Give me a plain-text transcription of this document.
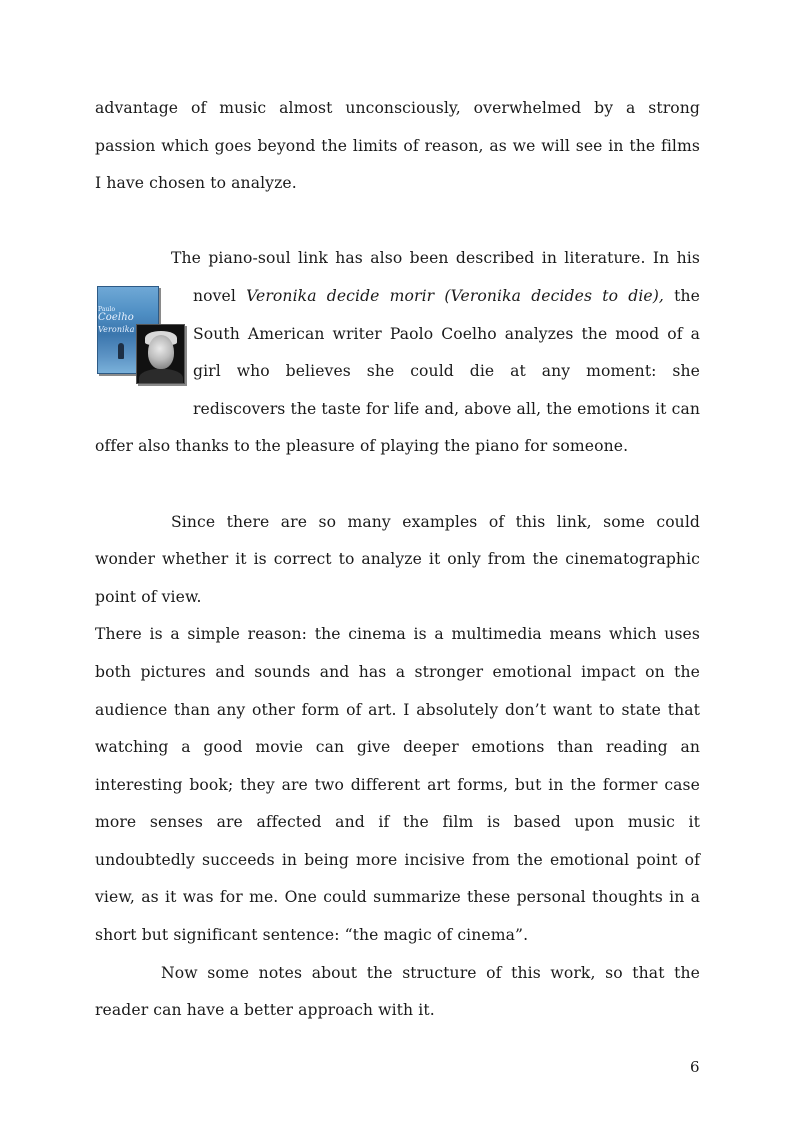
advantage of music almost unconsciously, overwhelmed by a strong passion which goes beyond the limits of reason, as we will see in the films I have chosen to analyze.

The piano-soul link has also been described in literature. In his

Paulo
Coelho
Veronika
novel Veronika decide morir (Veronika decides to die), the South American writer Paolo Coelho analyzes the mood of a girl who believes she could die at any moment: she rediscovers the taste for life and, above all, the emotions it can offer also thanks to the pleasure of playing the piano for someone.

Since there are so many examples of this link, some could wonder whether it is correct to analyze it only from the cinematographic point of view.

There is a simple reason: the cinema is a multimedia means which uses both pictures and sounds and has a stronger emotional impact on the audience than any other form of art. I absolutely don’t want to state that watching a good movie can give deeper emotions than reading an interesting book; they are two different art forms, but in the former case more senses are affected and if the film is based upon music it undoubtedly succeeds in being more incisive from the emotional point of view, as it was for me. One could summarize these personal thoughts in a short but significant sentence: “the magic of cinema”.

Now some notes about the structure of this work, so that the reader can have a better approach with it.

6
